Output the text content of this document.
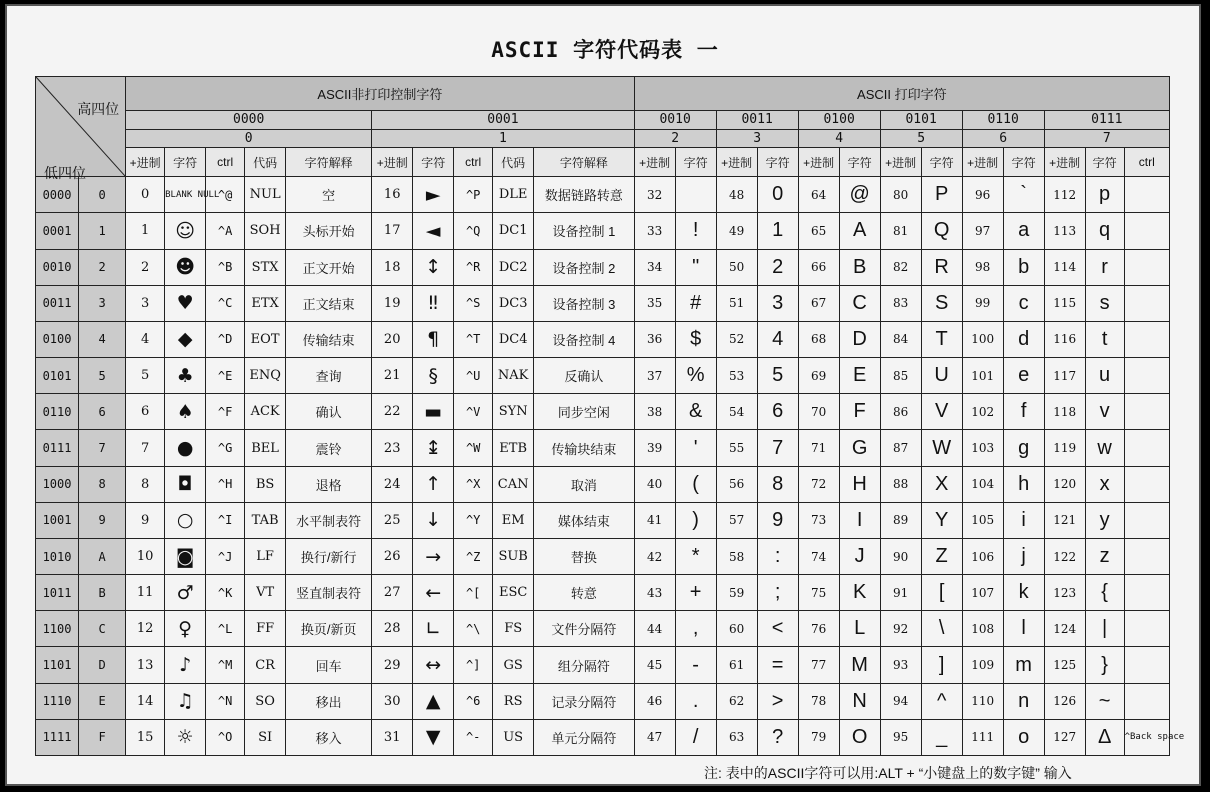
ASCII 字符代码表 一
高四位
低四位		ASCII非打印控制字符										ASCII 打印字符												
		0000					0001					0010		0011		0100		0101		0110		0111		
		0					1					2		3		4		5		6		7		
		+进制	字符	ctrl	代码	字符解释	+进制	字符	ctrl	代码	字符解释	+进制	字符	+进制	字符	+进制	字符	+进制	字符	+进制	字符	+进制	字符	ctrl
0000	0	0	BLANK NULL	^@	NUL	空	16	►	^P	DLE	数据链路转意	32		48	0	64	@	80	P	96	`	112	p	
0001	1	1	☺	^A	SOH	头标开始	17	◄	^Q	DC1	设备控制 1	33	!	49	1	65	A	81	Q	97	a	113	q	
0010	2	2	☻	^B	STX	正文开始	18	↕	^R	DC2	设备控制 2	34	"	50	2	66	B	82	R	98	b	114	r	
0011	3	3	♥	^C	ETX	正文结束	19	‼	^S	DC3	设备控制 3	35	#	51	3	67	C	83	S	99	c	115	s	
0100	4	4	◆	^D	EOT	传输结束	20	¶	^T	DC4	设备控制 4	36	$	52	4	68	D	84	T	100	d	116	t	
0101	5	5	♣	^E	ENQ	查询	21	§	^U	NAK	反确认	37	%	53	5	69	E	85	U	101	e	117	u	
0110	6	6	♠	^F	ACK	确认	22	▬	^V	SYN	同步空闲	38	&	54	6	70	F	86	V	102	f	118	v	
0111	7	7	●	^G	BEL	震铃	23	↨	^W	ETB	传输块结束	39	'	55	7	71	G	87	W	103	g	119	w	
1000	8	8	◘	^H	BS	退格	24	↑	^X	CAN	取消	40	(	56	8	72	H	88	X	104	h	120	x	
1001	9	9	○	^I	TAB	水平制表符	25	↓	^Y	EM	媒体结束	41	)	57	9	73	I	89	Y	105	i	121	y	
1010	A	10	◙	^J	LF	换行/新行	26	→	^Z	SUB	替换	42	*	58	:	74	J	90	Z	106	j	122	z	
1011	B	11	♂	^K	VT	竖直制表符	27	←	^[	ESC	转意	43	+	59	;	75	K	91	[	107	k	123	{	
1100	C	12	♀	^L	FF	换页/新页	28	∟	^\	FS	文件分隔符	44	,	60	<	76	L	92	\	108	l	124	|	
1101	D	13	♪	^M	CR	回车	29	↔	^]	GS	组分隔符	45	-	61	=	77	M	93	]	109	m	125	}	
1110	E	14	♫	^N	SO	移出	30	▲	^6	RS	记录分隔符	46	.	62	>	78	N	94	^	110	n	126	~	
1111	F	15	☼	^O	SI	移入	31	▼	^-	US	单元分隔符	47	/	63	?	79	O	95	_	111	o	127	Δ	^Back space
注: 表中的ASCII字符可以用:ALT + “小键盘上的数字键” 输入
